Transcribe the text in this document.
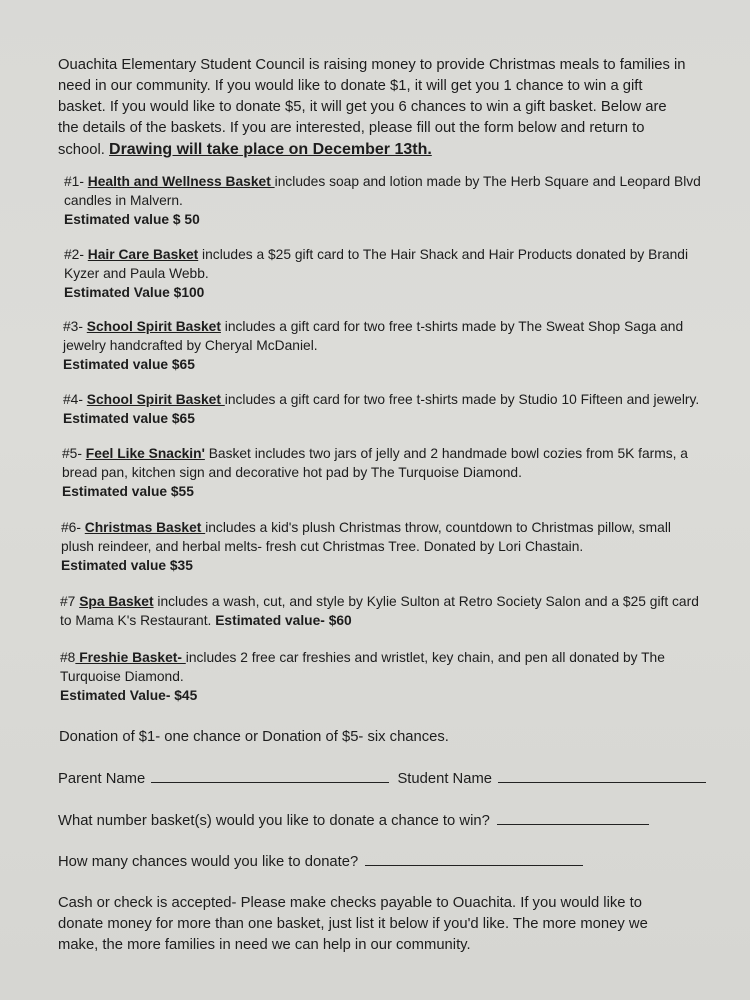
Ouachita Elementary Student Council is raising money to provide Christmas meals to families in
need in our community. If you would like to donate $1, it will get you 1 chance to win a gift
basket. If you would like to donate $5, it will get you 6 chances to win a gift basket. Below are
the details of the baskets. If you are interested, please fill out the form below and return to
school. Drawing will take place on December 13th.
#1- Health and Wellness Basket includes soap and lotion made by The Herb Square and Leopard Blvd
candles in Malvern.
Estimated value $ 50
#2- Hair Care Basket includes a $25 gift card to The Hair Shack and Hair Products donated by Brandi
Kyzer and Paula Webb.
Estimated Value $100
#3- School Spirit Basket includes a gift card for two free t-shirts made by The Sweat Shop Saga and
jewelry handcrafted by Cheryal McDaniel.
Estimated value $65
#4- School Spirit Basket includes a gift card for two free t-shirts made by Studio 10 Fifteen and jewelry.
Estimated value $65
#5- Feel Like Snackin' Basket includes two jars of jelly and 2 handmade bowl cozies from 5K farms, a
bread pan, kitchen sign and decorative hot pad by The Turquoise Diamond.
Estimated value $55
#6- Christmas Basket includes a kid's plush Christmas throw, countdown to Christmas pillow, small
plush reindeer, and herbal melts- fresh cut Christmas Tree. Donated by Lori Chastain.
Estimated value $35
#7 Spa Basket includes a wash, cut, and style by Kylie Sulton at Retro Society Salon and a $25 gift card
to Mama K's Restaurant. Estimated value- $60
#8 Freshie Basket- includes 2 free car freshies and wristlet, key chain, and pen all donated by The
Turquoise Diamond.
Estimated Value- $45
Donation of $1- one chance or Donation of $5- six chances.
Parent Name	Student Name
What number basket(s) would you like to donate a chance to win?
How many chances would you like to donate?
Cash or check is accepted- Please make checks payable to Ouachita. If you would like to
donate money for more than one basket, just list it below if you'd like. The more money we
make, the more families in need we can help in our community.
